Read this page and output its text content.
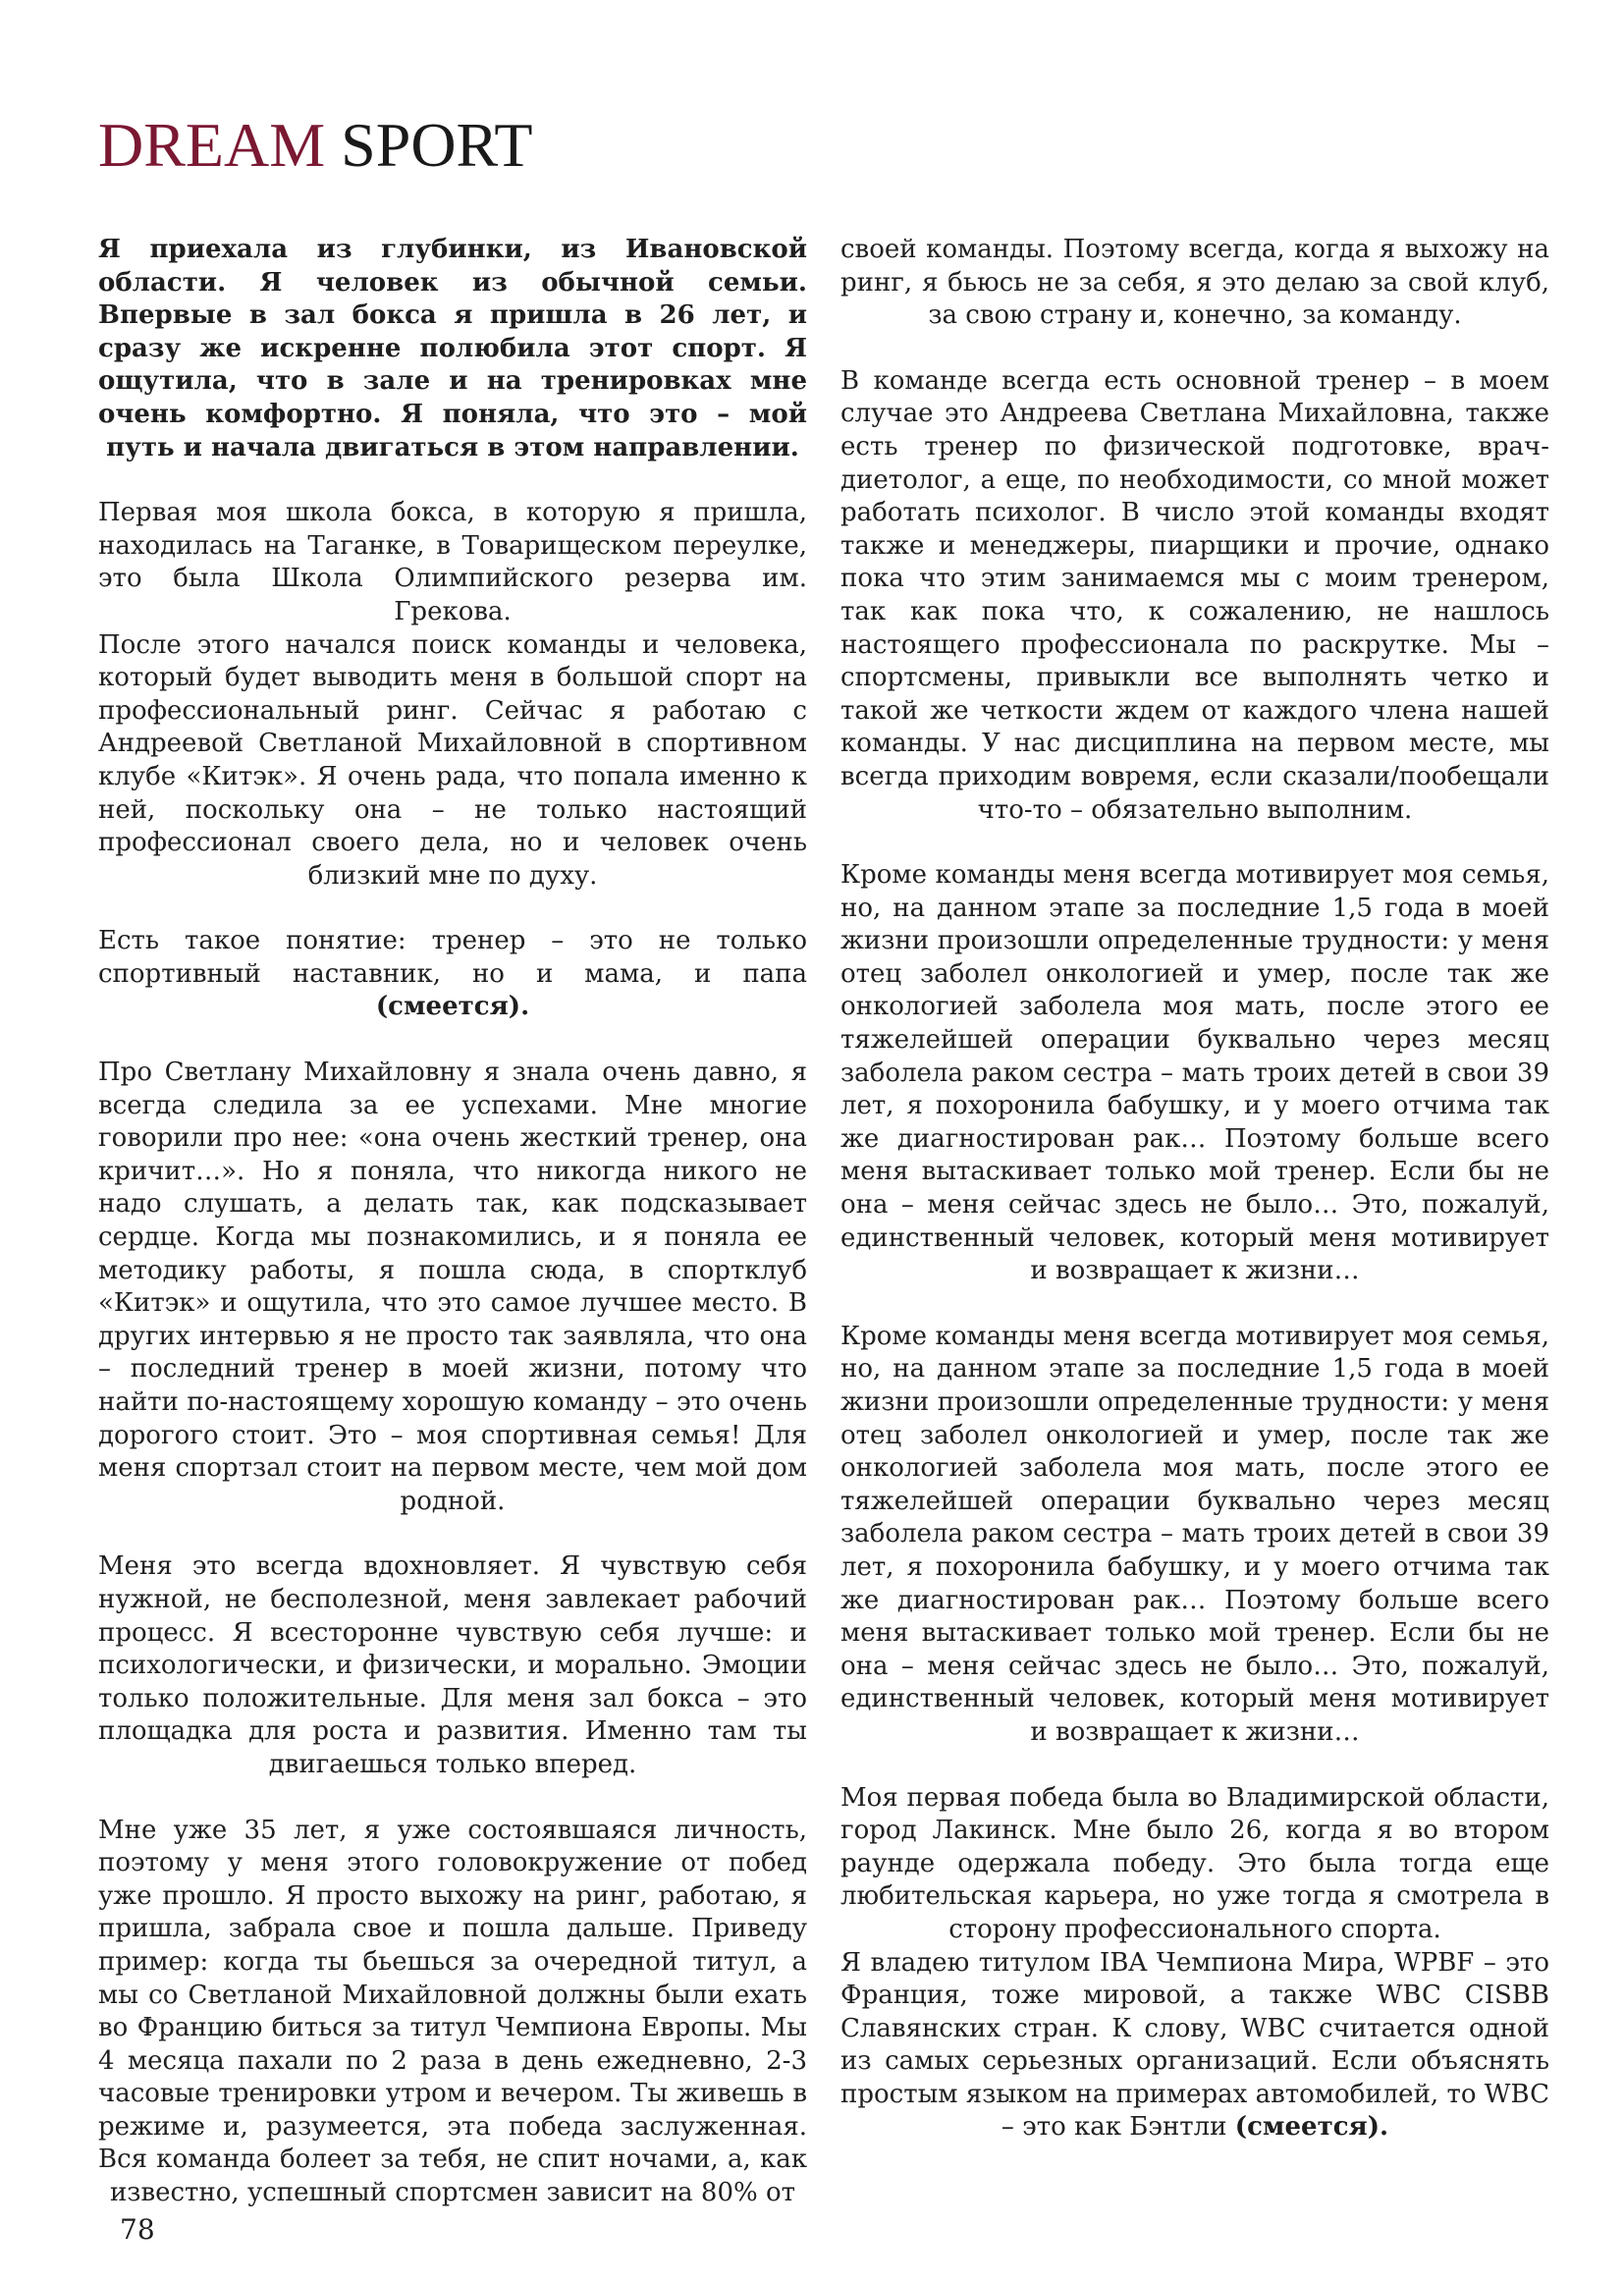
DREAM SPORT

Я приехала из глубинки, из Ивановской области. Я человек из обычной семьи. Впервые в зал бокса я пришла в 26 лет, и сразу же искренне полюбила этот спорт. Я ощутила, что в зале и на тренировках мне очень комфортно. Я поняла, что это – мой путь и начала двигаться в этом направлении.

Первая моя школа бокса, в которую я пришла, находилась на Таганке, в Товарищеском переулке, это была Школа Олимпийского резерва им. Грекова.
После этого начался поиск команды и человека, который будет выводить меня в большой спорт на профессиональный ринг. Сейчас я работаю с Андреевой Светланой Михайловной в спортивном клубе «Китэк». Я очень рада, что попала именно к ней, поскольку она – не только настоящий профессионал своего дела, но и человек очень близкий мне по духу.

Есть такое понятие: тренер – это не только спортивный наставник, но и мама, и папа (смеется).

Про Светлану Михайловну я знала очень давно, я всегда следила за ее успехами. Мне многие говорили про нее: «она очень жесткий тренер, она кричит…». Но я поняла, что никогда никого не надо слушать, а делать так, как подсказывает сердце. Когда мы познакомились, и я поняла ее методику работы, я пошла сюда, в спортклуб «Китэк» и ощутила, что это самое лучшее место. В других интервью я не просто так заявляла, что она – последний тренер в моей жизни, потому что найти по-настоящему хорошую команду – это очень дорогого стоит. Это – моя спортивная семья! Для меня спортзал стоит на первом месте, чем мой дом родной.

Меня это всегда вдохновляет. Я чувствую себя нужной, не бесполезной, меня завлекает рабочий процесс. Я всесторонне чувствую себя лучше: и психологически, и физически, и морально. Эмоции только положительные. Для меня зал бокса – это площадка для роста и развития. Именно там ты двигаешься только вперед.

Мне уже 35 лет, я уже состоявшаяся личность, поэтому у меня этого головокружение от побед уже прошло. Я просто выхожу на ринг, работаю, я пришла, забрала свое и пошла дальше. Приведу пример: когда ты бьешься за очередной титул, а мы со Светланой Михайловной должны были ехать во Францию биться за титул Чемпиона Европы. Мы 4 месяца пахали по 2 раза в день ежедневно, 2-3 часовые тренировки утром и вечером. Ты живешь в режиме и, разумеется, эта победа заслуженная. Вся команда болеет за тебя, не спит ночами, а, как известно, успешный спортсмен зависит на 80% от

своей команды. Поэтому всегда, когда я выхожу на ринг, я бьюсь не за себя, я это делаю за свой клуб, за свою страну и, конечно, за команду.

В команде всегда есть основной тренер – в моем случае это Андреева Светлана Михайловна, также есть тренер по физической подготовке, врач-диетолог, а еще, по необходимости, со мной может работать психолог. В число этой команды входят также и менеджеры, пиарщики и прочие, однако пока что этим занимаемся мы с моим тренером, так как пока что, к сожалению, не нашлось настоящего профессионала по раскрутке. Мы – спортсмены, привыкли все выполнять четко и такой же четкости ждем от каждого члена нашей команды. У нас дисциплина на первом месте, мы всегда приходим вовремя, если сказали/пообещали что-то – обязательно выполним.

Кроме команды меня всегда мотивирует моя семья, но, на данном этапе за последние 1,5 года в моей жизни произошли определенные трудности: у меня отец заболел онкологией и умер, после так же онкологией заболела моя мать, после этого ее тяжелейшей операции буквально через месяц заболела раком сестра – мать троих детей в свои 39 лет, я похоронила бабушку, и у моего отчима так же диагностирован рак… Поэтому больше всего меня вытаскивает только мой тренер. Если бы не она – меня сейчас здесь не было… Это, пожалуй, единственный человек, который меня мотивирует и возвращает к жизни…

Кроме команды меня всегда мотивирует моя семья, но, на данном этапе за последние 1,5 года в моей жизни произошли определенные трудности: у меня отец заболел онкологией и умер, после так же онкологией заболела моя мать, после этого ее тяжелейшей операции буквально через месяц заболела раком сестра – мать троих детей в свои 39 лет, я похоронила бабушку, и у моего отчима так же диагностирован рак… Поэтому больше всего меня вытаскивает только мой тренер. Если бы не она – меня сейчас здесь не было… Это, пожалуй, единственный человек, который меня мотивирует и возвращает к жизни…

Моя первая победа была во Владимирской области, город Лакинск. Мне было 26, когда я во втором раунде одержала победу. Это была тогда еще любительская карьера, но уже тогда я смотрела в сторону профессионального спорта.
Я владею титулом IBA Чемпиона Мира, WPBF – это Франция, тоже мировой, а также WBC CISBB Славянских стран. К слову, WBC считается одной из самых серьезных организаций. Если объяснять простым языком на примерах автомобилей, то WBC – это как Бэнтли (смеется).

78
